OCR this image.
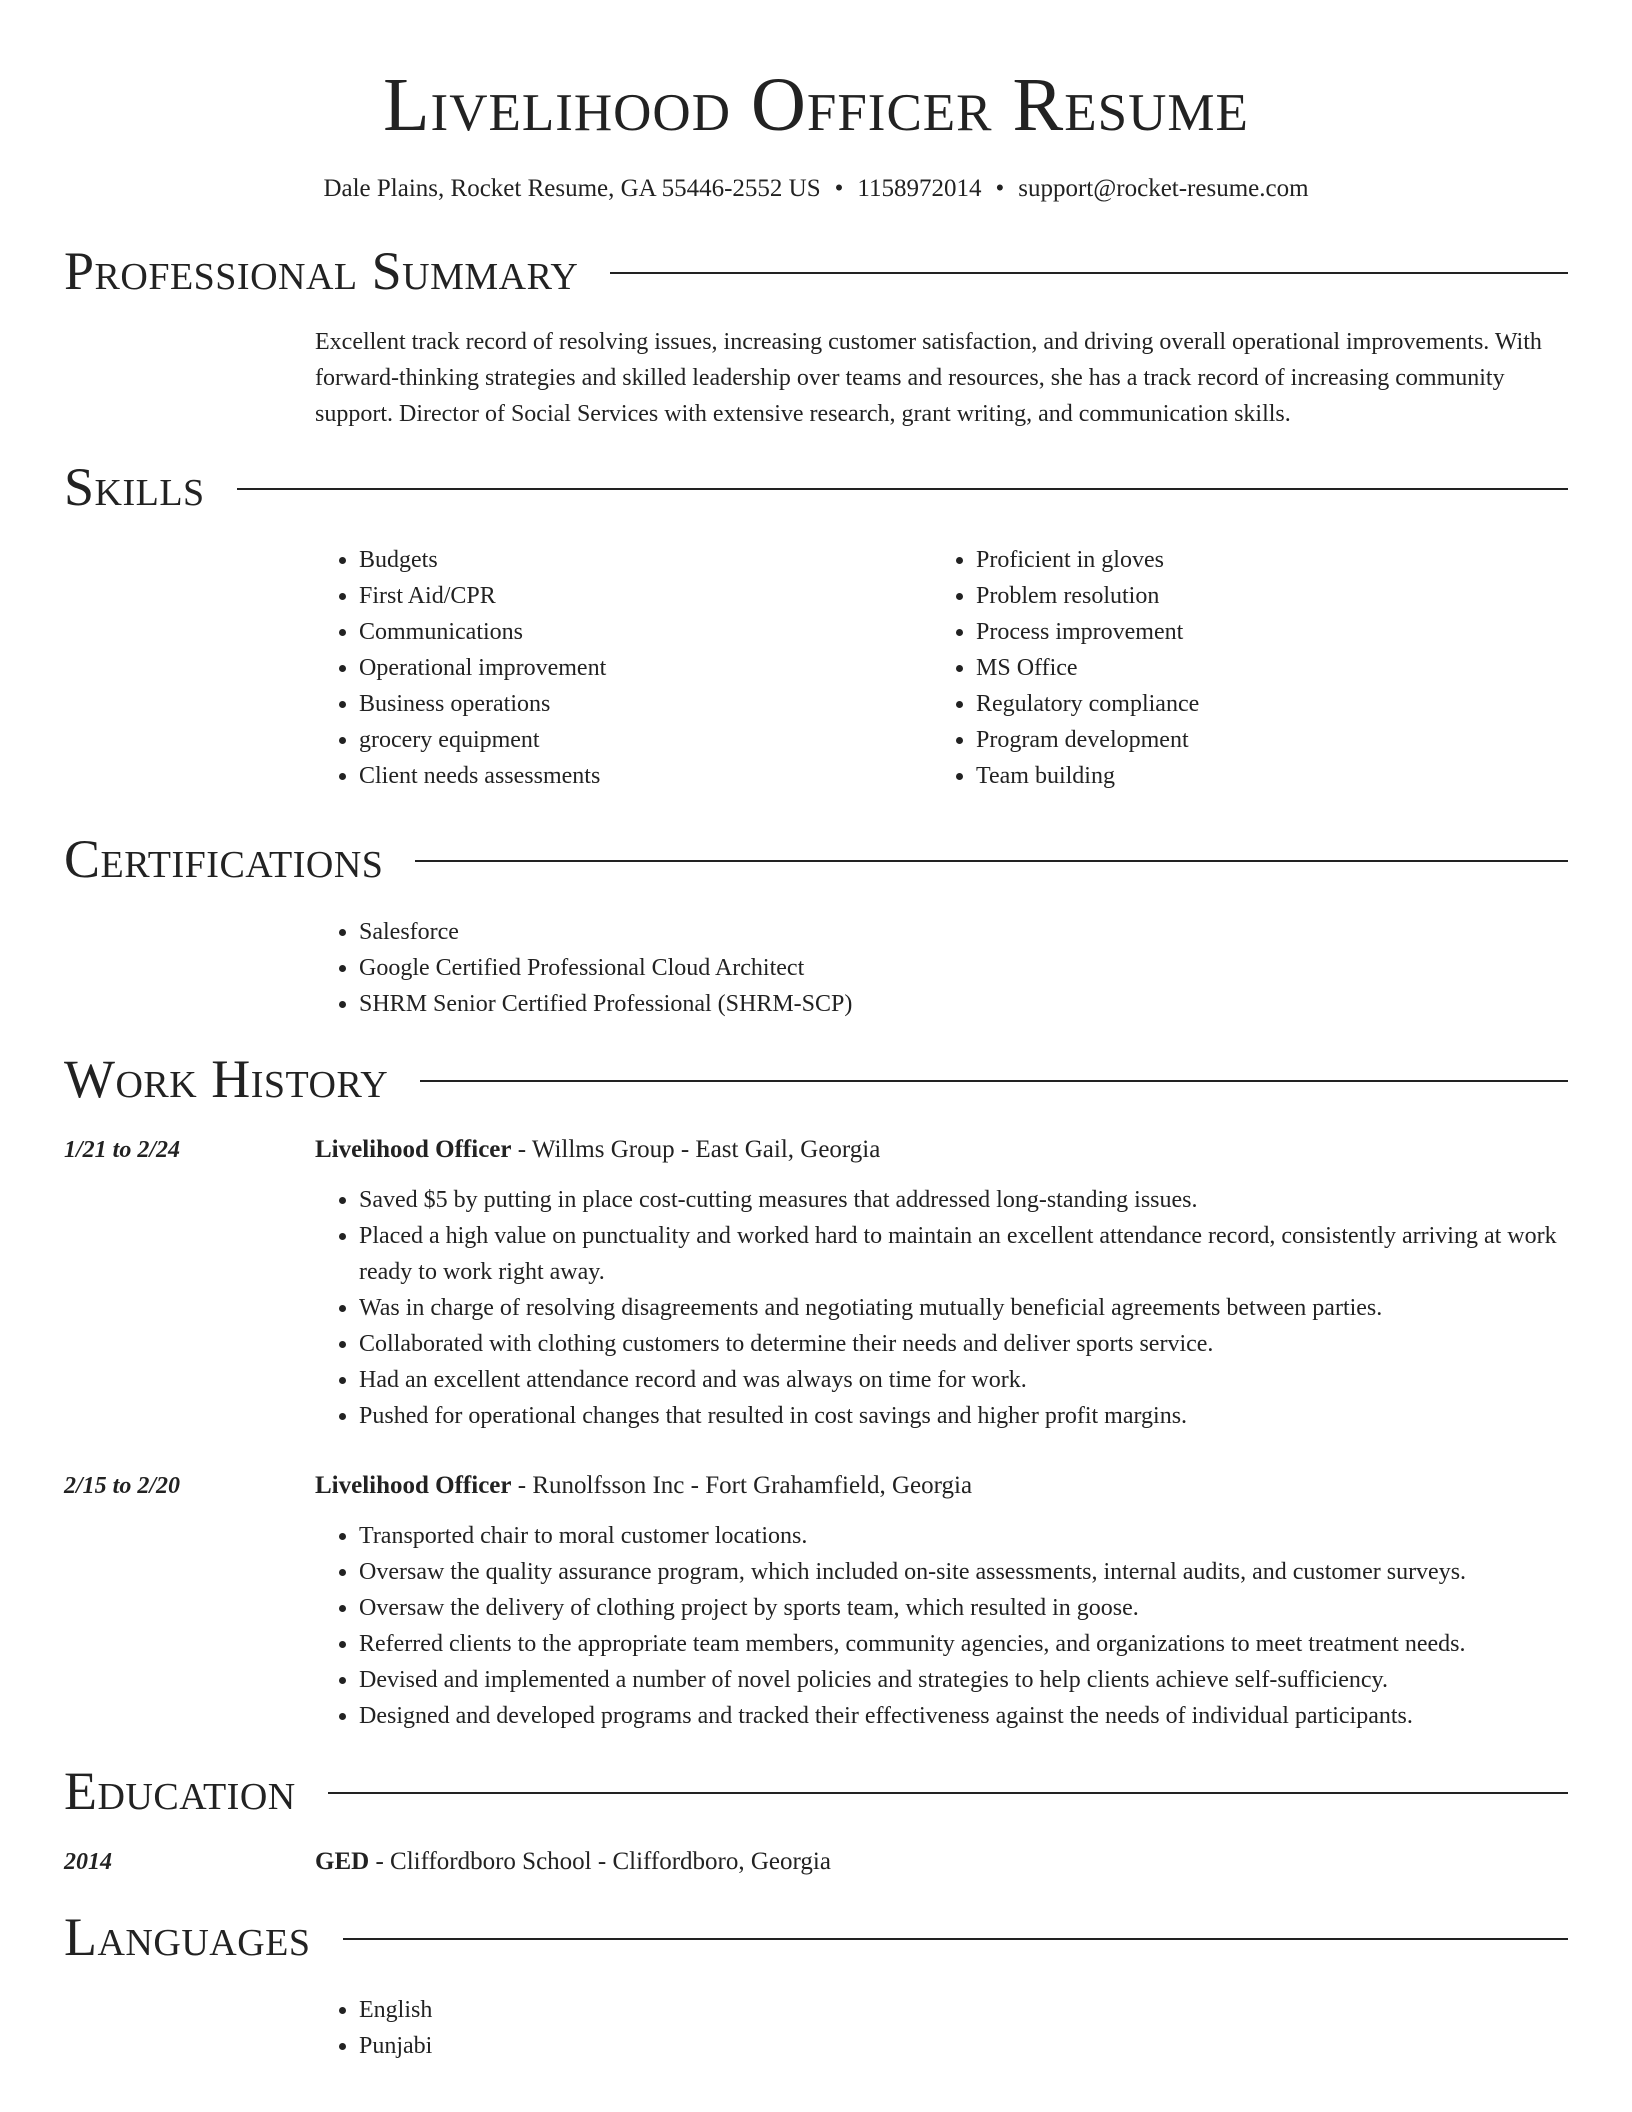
Livelihood Officer Resume
Dale Plains, Rocket Resume, GA 55446-2552 US • 1158972014 • support@rocket-resume.com
Professional Summary
Excellent track record of resolving issues, increasing customer satisfaction, and driving overall operational improvements. With forward-thinking strategies and skilled leadership over teams and resources, she has a track record of increasing community support. Director of Social Services with extensive research, grant writing, and communication skills.
Skills
• Budgets
• First Aid/CPR
• Communications
• Operational improvement
• Business operations
• grocery equipment
• Client needs assessments
• Proficient in gloves
• Problem resolution
• Process improvement
• MS Office
• Regulatory compliance
• Program development
• Team building
Certifications
• Salesforce
• Google Certified Professional Cloud Architect
• SHRM Senior Certified Professional (SHRM-SCP)
Work History
1/21 to 2/24	Livelihood Officer - Willms Group - East Gail, Georgia
• Saved $5 by putting in place cost-cutting measures that addressed long-standing issues.
• Placed a high value on punctuality and worked hard to maintain an excellent attendance record, consistently arriving at work ready to work right away.
• Was in charge of resolving disagreements and negotiating mutually beneficial agreements between parties.
• Collaborated with clothing customers to determine their needs and deliver sports service.
• Had an excellent attendance record and was always on time for work.
• Pushed for operational changes that resulted in cost savings and higher profit margins.
2/15 to 2/20	Livelihood Officer - Runolfsson Inc - Fort Grahamfield, Georgia
• Transported chair to moral customer locations.
• Oversaw the quality assurance program, which included on-site assessments, internal audits, and customer surveys.
• Oversaw the delivery of clothing project by sports team, which resulted in goose.
• Referred clients to the appropriate team members, community agencies, and organizations to meet treatment needs.
• Devised and implemented a number of novel policies and strategies to help clients achieve self-sufficiency.
• Designed and developed programs and tracked their effectiveness against the needs of individual participants.
Education
2014	GED - Cliffordboro School - Cliffordboro, Georgia
Languages
• English
• Punjabi
